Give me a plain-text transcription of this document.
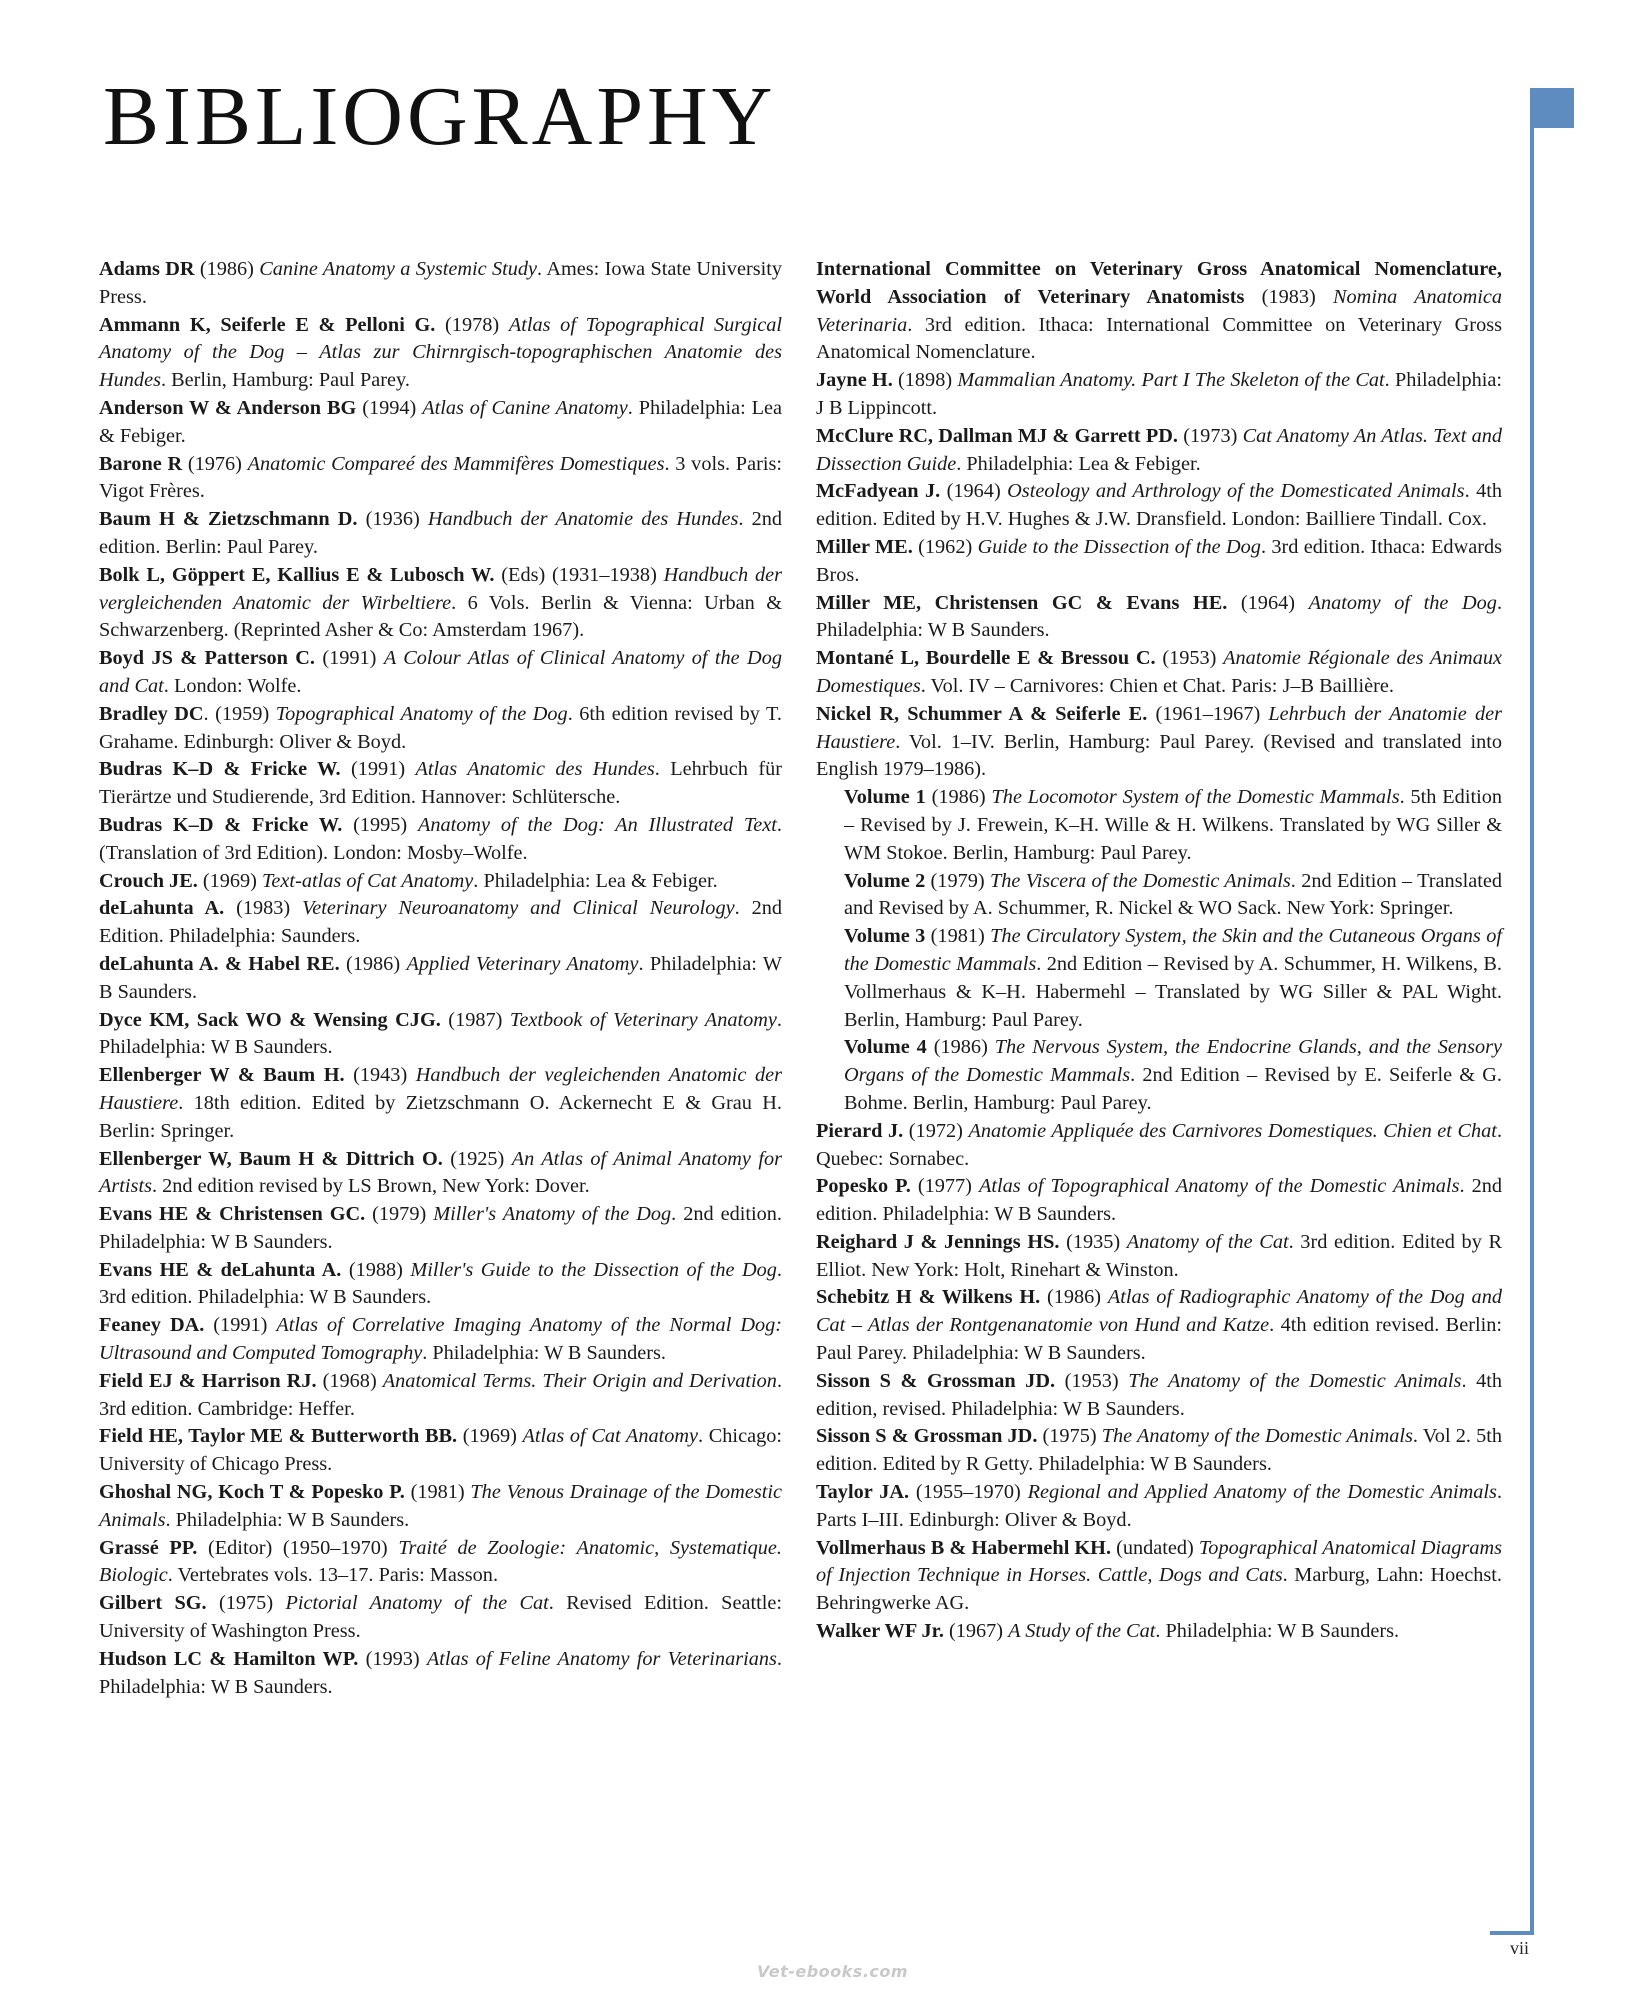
BIBLIOGRAPHY

Adams DR (1986) Canine Anatomy a Systemic Study. Ames: Iowa State University Press.

Ammann K, Seiferle E & Pelloni G. (1978) Atlas of Topographical Surgical Anatomy of the Dog – Atlas zur Chirnrgisch-topographischen Anatomie des Hundes. Berlin, Hamburg: Paul Parey.

Anderson W & Anderson BG (1994) Atlas of Canine Anatomy. Philadelphia: Lea & Febiger.

Barone R (1976) Anatomic Compareé des Mammifères Domestiques. 3 vols. Paris: Vigot Frères.

Baum H & Zietzschmann D. (1936) Handbuch der Anatomie des Hundes. 2nd edition. Berlin: Paul Parey.

Bolk L, Göppert E, Kallius E & Lubosch W. (Eds) (1931–1938) Handbuch der vergleichenden Anatomic der Wirbeltiere. 6 Vols. Berlin & Vienna: Urban & Schwarzenberg. (Reprinted Asher & Co: Amsterdam 1967).

Boyd JS & Patterson C. (1991) A Colour Atlas of Clinical Anatomy of the Dog and Cat. London: Wolfe.

Bradley DC. (1959) Topographical Anatomy of the Dog. 6th edition revised by T. Grahame. Edinburgh: Oliver & Boyd.

Budras K–D & Fricke W. (1991) Atlas Anatomic des Hundes. Lehrbuch für Tierärtze und Studierende, 3rd Edition. Hannover: Schlütersche.

Budras K–D & Fricke W. (1995) Anatomy of the Dog: An Illustrated Text. (Translation of 3rd Edition). London: Mosby–Wolfe.

Crouch JE. (1969) Text-atlas of Cat Anatomy. Philadelphia: Lea & Febiger.

deLahunta A. (1983) Veterinary Neuroanatomy and Clinical Neurology. 2nd Edition. Philadelphia: Saunders.

deLahunta A. & Habel RE. (1986) Applied Veterinary Anatomy. Philadelphia: W B Saunders.

Dyce KM, Sack WO & Wensing CJG. (1987) Textbook of Veterinary Anatomy. Philadelphia: W B Saunders.

Ellenberger W & Baum H. (1943) Handbuch der vegleichenden Anatomic der Haustiere. 18th edition. Edited by Zietzschmann O. Ackernecht E & Grau H. Berlin: Springer.

Ellenberger W, Baum H & Dittrich O. (1925) An Atlas of Animal Anatomy for Artists. 2nd edition revised by LS Brown, New York: Dover.

Evans HE & Christensen GC. (1979) Miller's Anatomy of the Dog. 2nd edition. Philadelphia: W B Saunders.

Evans HE & deLahunta A. (1988) Miller's Guide to the Dissection of the Dog. 3rd edition. Philadelphia: W B Saunders.

Feaney DA. (1991) Atlas of Correlative Imaging Anatomy of the Normal Dog: Ultrasound and Computed Tomography. Philadelphia: W B Saunders.

Field EJ & Harrison RJ. (1968) Anatomical Terms. Their Origin and Derivation. 3rd edition. Cambridge: Heffer.

Field HE, Taylor ME & Butterworth BB. (1969) Atlas of Cat Anatomy. Chicago: University of Chicago Press.

Ghoshal NG, Koch T & Popesko P. (1981) The Venous Drainage of the Domestic Animals. Philadelphia: W B Saunders.

Grassé PP. (Editor) (1950–1970) Traité de Zoologie: Anatomic, Systematique. Biologic. Vertebrates vols. 13–17. Paris: Masson.

Gilbert SG. (1975) Pictorial Anatomy of the Cat. Revised Edition. Seattle: University of Washington Press.

Hudson LC & Hamilton WP. (1993) Atlas of Feline Anatomy for Veterinarians. Philadelphia: W B Saunders.

International Committee on Veterinary Gross Anatomical Nomenclature, World Association of Veterinary Anatomists (1983) Nomina Anatomica Veterinaria. 3rd edition. Ithaca: International Committee on Veterinary Gross Anatomical Nomenclature.

Jayne H. (1898) Mammalian Anatomy. Part I The Skeleton of the Cat. Philadelphia: J B Lippincott.

McClure RC, Dallman MJ & Garrett PD. (1973) Cat Anatomy An Atlas. Text and Dissection Guide. Philadelphia: Lea & Febiger.

McFadyean J. (1964) Osteology and Arthrology of the Domesticated Animals. 4th edition. Edited by H.V. Hughes & J.W. Dransfield. London: Bailliere Tindall. Cox.

Miller ME. (1962) Guide to the Dissection of the Dog. 3rd edition. Ithaca: Edwards Bros.

Miller ME, Christensen GC & Evans HE. (1964) Anatomy of the Dog. Philadelphia: W B Saunders.

Montané L, Bourdelle E & Bressou C. (1953) Anatomie Régionale des Animaux Domestiques. Vol. IV – Carnivores: Chien et Chat. Paris: J–B Baillière.

Nickel R, Schummer A & Seiferle E. (1961–1967) Lehrbuch der Anatomie der Haustiere. Vol. 1–IV. Berlin, Hamburg: Paul Parey. (Revised and translated into English 1979–1986).

Volume 1 (1986) The Locomotor System of the Domestic Mammals. 5th Edition – Revised by J. Frewein, K–H. Wille & H. Wilkens. Translated by WG Siller & WM Stokoe. Berlin, Hamburg: Paul Parey.

Volume 2 (1979) The Viscera of the Domestic Animals. 2nd Edition – Translated and Revised by A. Schummer, R. Nickel & WO Sack. New York: Springer.

Volume 3 (1981) The Circulatory System, the Skin and the Cutaneous Organs of the Domestic Mammals. 2nd Edition – Revised by A. Schummer, H. Wilkens, B. Vollmerhaus & K–H. Habermehl – Translated by WG Siller & PAL Wight. Berlin, Hamburg: Paul Parey.

Volume 4 (1986) The Nervous System, the Endocrine Glands, and the Sensory Organs of the Domestic Mammals. 2nd Edition – Revised by E. Seiferle & G. Bohme. Berlin, Hamburg: Paul Parey.

Pierard J. (1972) Anatomie Appliquée des Carnivores Domestiques. Chien et Chat. Quebec: Sornabec.

Popesko P. (1977) Atlas of Topographical Anatomy of the Domestic Animals. 2nd edition. Philadelphia: W B Saunders.

Reighard J & Jennings HS. (1935) Anatomy of the Cat. 3rd edition. Edited by R Elliot. New York: Holt, Rinehart & Winston.

Schebitz H & Wilkens H. (1986) Atlas of Radiographic Anatomy of the Dog and Cat – Atlas der Rontgenanatomie von Hund and Katze. 4th edition revised. Berlin: Paul Parey. Philadelphia: W B Saunders.

Sisson S & Grossman JD. (1953) The Anatomy of the Domestic Animals. 4th edition, revised. Philadelphia: W B Saunders.

Sisson S & Grossman JD. (1975) The Anatomy of the Domestic Animals. Vol 2. 5th edition. Edited by R Getty. Philadelphia: W B Saunders.

Taylor JA. (1955–1970) Regional and Applied Anatomy of the Domestic Animals. Parts I–III. Edinburgh: Oliver & Boyd.

Vollmerhaus B & Habermehl KH. (undated) Topographical Anatomical Diagrams of Injection Technique in Horses. Cattle, Dogs and Cats. Marburg, Lahn: Hoechst. Behringwerke AG.

Walker WF Jr. (1967) A Study of the Cat. Philadelphia: W B Saunders.

vii
Vet-ebooks.com
